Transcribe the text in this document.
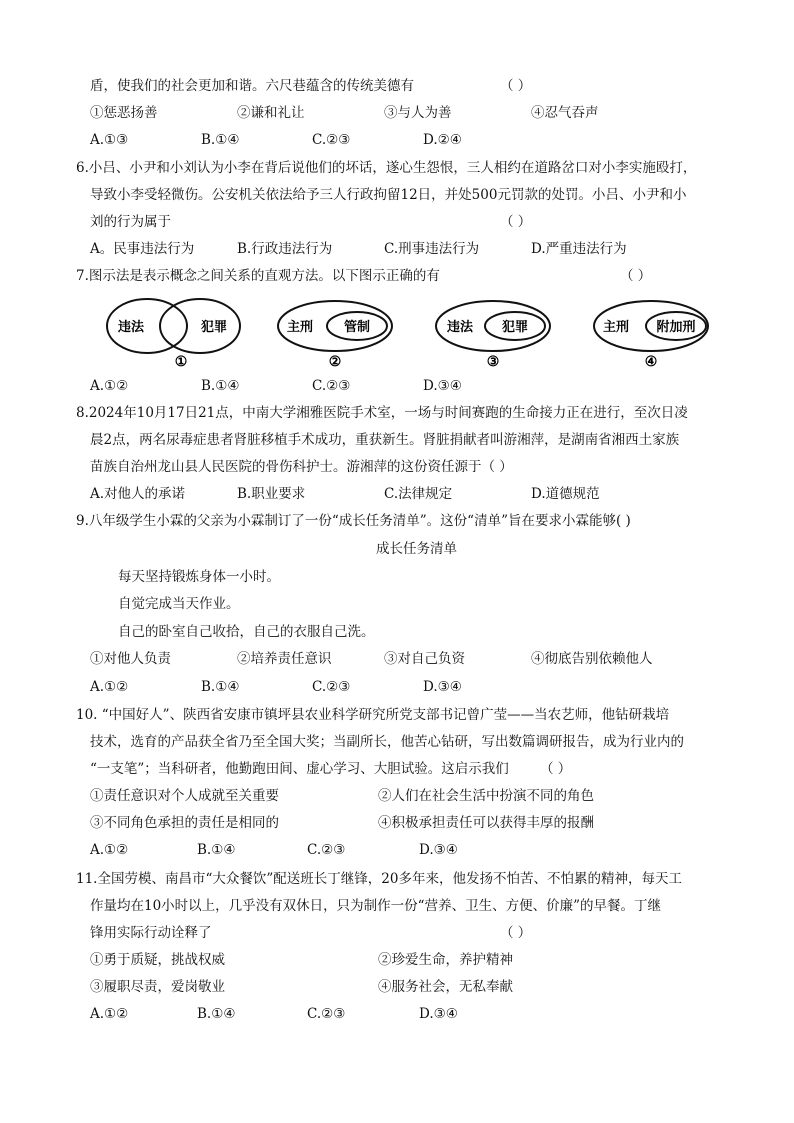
盾，使我们的社会更加和谐。六尺巷蕴含的传统美德有	（ ）
①惩恶扬善	②谦和礼让	③与人为善	④忍气吞声
A.①③	B.①④	C.②③	D.②④
6.小吕、小尹和小刘认为小李在背后说他们的坏话，遂心生怨恨，三人相约在道路岔口对小李实施殴打，
导致小李受轻微伤。公安机关依法给予三人行政拘留12日，并处500元罚款的处罚。小吕、小尹和小
刘的行为属于	（ ）
A。民事违法行为	B.行政违法行为	C.刑事违法行为	D.严重违法行为
7.图示法是表示概念之间关系的直观方法。以下图示正确的有	（ ）
违法	犯罪
①
主刑 管制
②
违法 犯罪
③
主刑 附加刑
④
A.①②	B.①④	C.②③	D.③④
8.2024年10月17日21点，中南大学湘雅医院手术室，一场与时间赛跑的生命接力正在进行，至次日凌
晨2点，两名尿毒症患者肾脏移植手术成功，重获新生。肾脏捐献者叫游湘萍，是湖南省湘西土家族
苗族自治州龙山县人民医院的骨伤科护士。游湘萍的这份资任源于（ ）
A.对他人的承诺	B.职业要求	C.法律规定	D.道德规范
9.八年级学生小霖的父亲为小霖制订了一份“成长任务清单”。这份“清单”旨在要求小霖能够( )
成长任务清单
每天坚持锻炼身体一小时。
自觉完成当天作业。
自己的卧室自己收拾，自己的衣服自己洗。
①对他人负责	②培养责任意识	③对自己负资	④彻底告别依赖他人
A.①②	B.①④	C.②③	D.③④
10. “中国好人”、陕西省安康市镇坪县农业科学研究所党支部书记曾广莹——当农艺师，他钻研栽培
技术，选育的产品获全省乃至全国大奖；当副所长，他苦心钻研，写出数篇调研报告，成为行业内的
“一支笔”；当科研者，他勤跑田间、虚心学习、大胆试验。这启示我们 （ ）
①责任意识对个人成就至关重要	②人们在社会生活中扮演不同的角色
③不同角色承担的责任是相同的	④积极承担责任可以获得丰厚的报酬
A.①②	B.①④	C.②③	D.③④
11.全国劳模、南昌市“大众餐饮”配送班长丁继锋，20多年来，他发扬不怕苦、不怕累的精神，每天工
作量均在10小时以上，几乎没有双休日，只为制作一份“营养、卫生、方便、价廉”的早餐。丁继
锋用实际行动诠释了	（ ）
①勇于质疑，挑战权威	②珍爱生命，养护精神
③履职尽责，爱岗敬业	④服务社会，无私奉献
A.①②	B.①④	C.②③	D.③④
